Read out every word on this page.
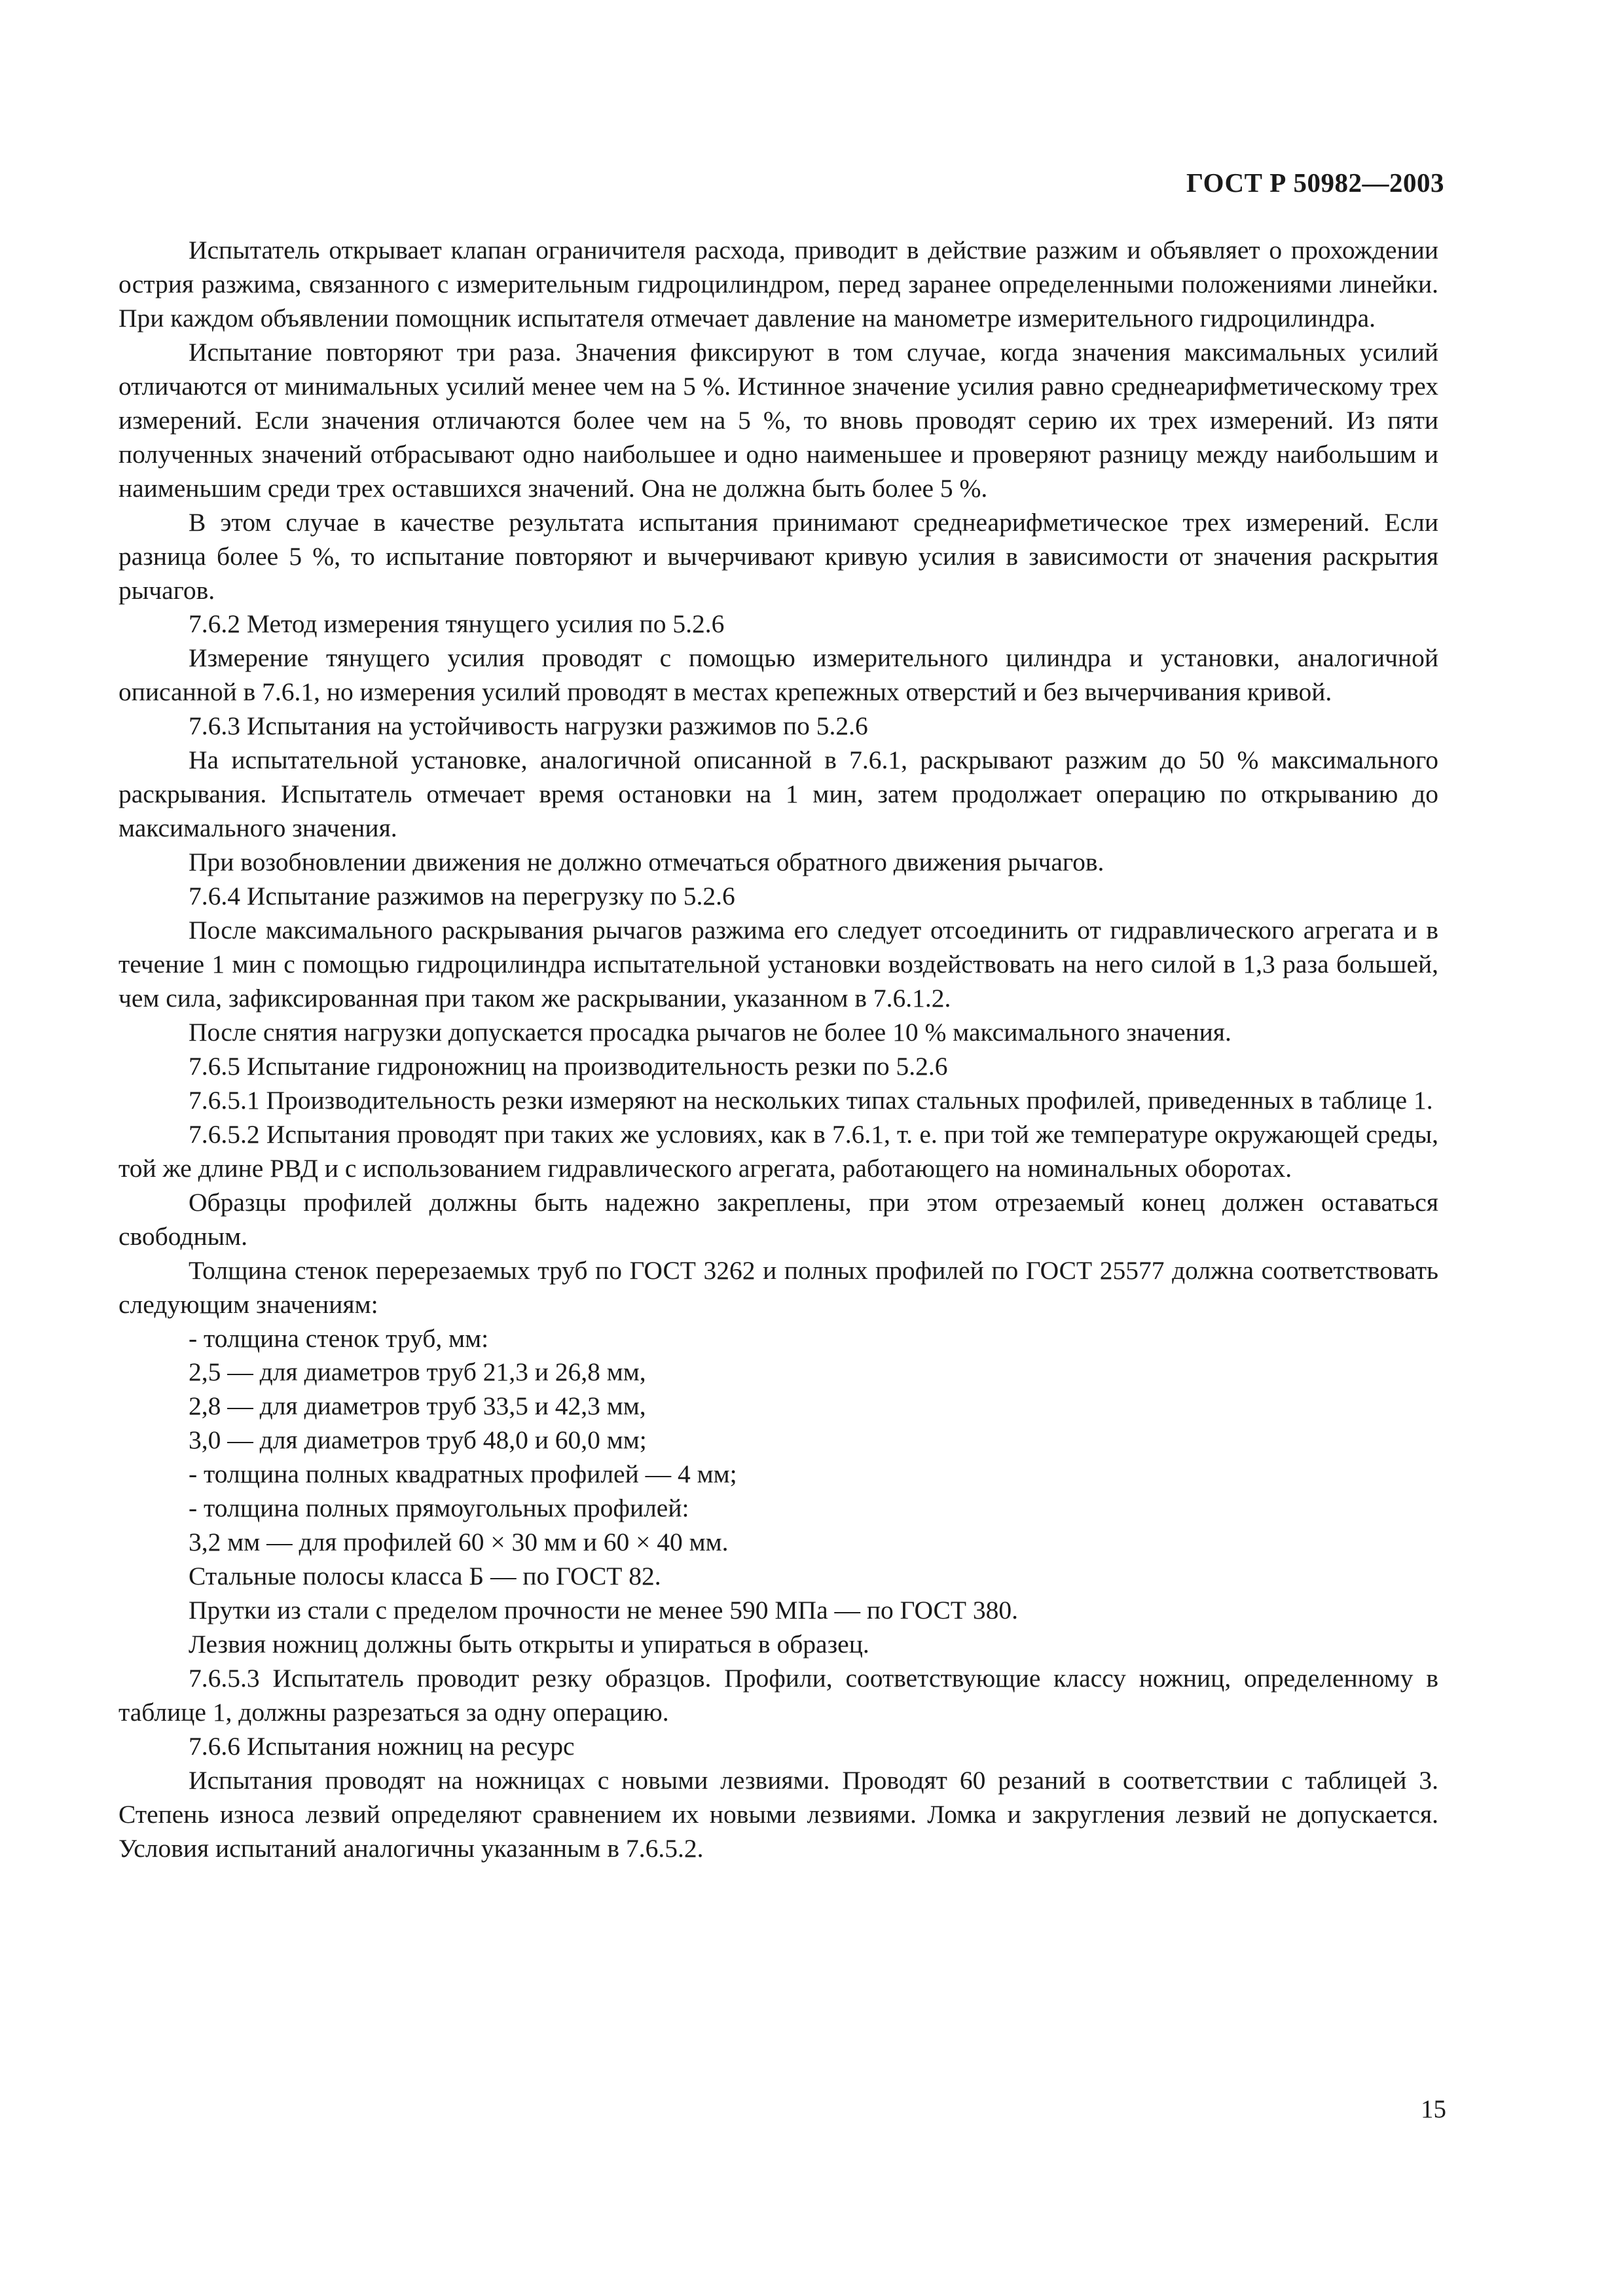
ГОСТ Р 50982—2003

Испытатель открывает клапан ограничителя расхода, приводит в действие разжим и объявляет о прохождении острия разжима, связанного с измерительным гидроцилиндром, перед заранее определенными положениями линейки. При каждом объявлении помощник испытателя отмечает давление на манометре измерительного гидроцилиндра.

Испытание повторяют три раза. Значения фиксируют в том случае, когда значения максимальных усилий отличаются от минимальных усилий менее чем на 5 %. Истинное значение усилия равно среднеарифметическому трех измерений. Если значения отличаются более чем на 5 %, то вновь проводят серию их трех измерений. Из пяти полученных значений отбрасывают одно наибольшее и одно наименьшее и проверяют разницу между наибольшим и наименьшим среди трех оставшихся значений. Она не должна быть более 5 %.

В этом случае в качестве результата испытания принимают среднеарифметическое трех измерений. Если разница более 5 %, то испытание повторяют и вычерчивают кривую усилия в зависимости от значения раскрытия рычагов.

7.6.2 Метод измерения тянущего усилия по 5.2.6

Измерение тянущего усилия проводят с помощью измерительного цилиндра и установки, аналогичной описанной в 7.6.1, но измерения усилий проводят в местах крепежных отверстий и без вычерчивания кривой.

7.6.3 Испытания на устойчивость нагрузки разжимов по 5.2.6

На испытательной установке, аналогичной описанной в 7.6.1, раскрывают разжим до 50 % максимального раскрывания. Испытатель отмечает время остановки на 1 мин, затем продолжает операцию по открыванию до максимального значения.

При возобновлении движения не должно отмечаться обратного движения рычагов.

7.6.4 Испытание разжимов на перегрузку по 5.2.6

После максимального раскрывания рычагов разжима его следует отсоединить от гидравлического агрегата и в течение 1 мин с помощью гидроцилиндра испытательной установки воздействовать на него силой в 1,3 раза большей, чем сила, зафиксированная при таком же раскрывании, указанном в 7.6.1.2.

После снятия нагрузки допускается просадка рычагов не более 10 % максимального значения.

7.6.5 Испытание гидроножниц на производительность резки по 5.2.6

7.6.5.1 Производительность резки измеряют на нескольких типах стальных профилей, приведенных в таблице 1.

7.6.5.2 Испытания проводят при таких же условиях, как в 7.6.1, т. е. при той же температуре окружающей среды, той же длине РВД и с использованием гидравлического агрегата, работающего на номинальных оборотах.

Образцы профилей должны быть надежно закреплены, при этом отрезаемый конец должен оставаться свободным.

Толщина стенок перерезаемых труб по ГОСТ 3262 и полных профилей по ГОСТ 25577 должна соответствовать следующим значениям:

- толщина стенок труб, мм:

2,5 — для диаметров труб 21,3 и 26,8 мм,

2,8 — для диаметров труб 33,5 и 42,3 мм,

3,0 — для диаметров труб 48,0 и 60,0 мм;

- толщина полных квадратных профилей — 4 мм;

- толщина полных прямоугольных профилей:

3,2 мм — для профилей 60 × 30 мм и 60 × 40 мм.

Стальные полосы класса Б — по ГОСТ 82.

Прутки из стали с пределом прочности не менее 590 МПа — по ГОСТ 380.

Лезвия ножниц должны быть открыты и упираться в образец.

7.6.5.3 Испытатель проводит резку образцов. Профили, соответствующие классу ножниц, определенному в таблице 1, должны разрезаться за одну операцию.

7.6.6 Испытания ножниц на ресурс

Испытания проводят на ножницах с новыми лезвиями. Проводят 60 резаний в соответствии с таблицей 3. Степень износа лезвий определяют сравнением их новыми лезвиями. Ломка и закругления лезвий не допускается. Условия испытаний аналогичны указанным в 7.6.5.2.

15
